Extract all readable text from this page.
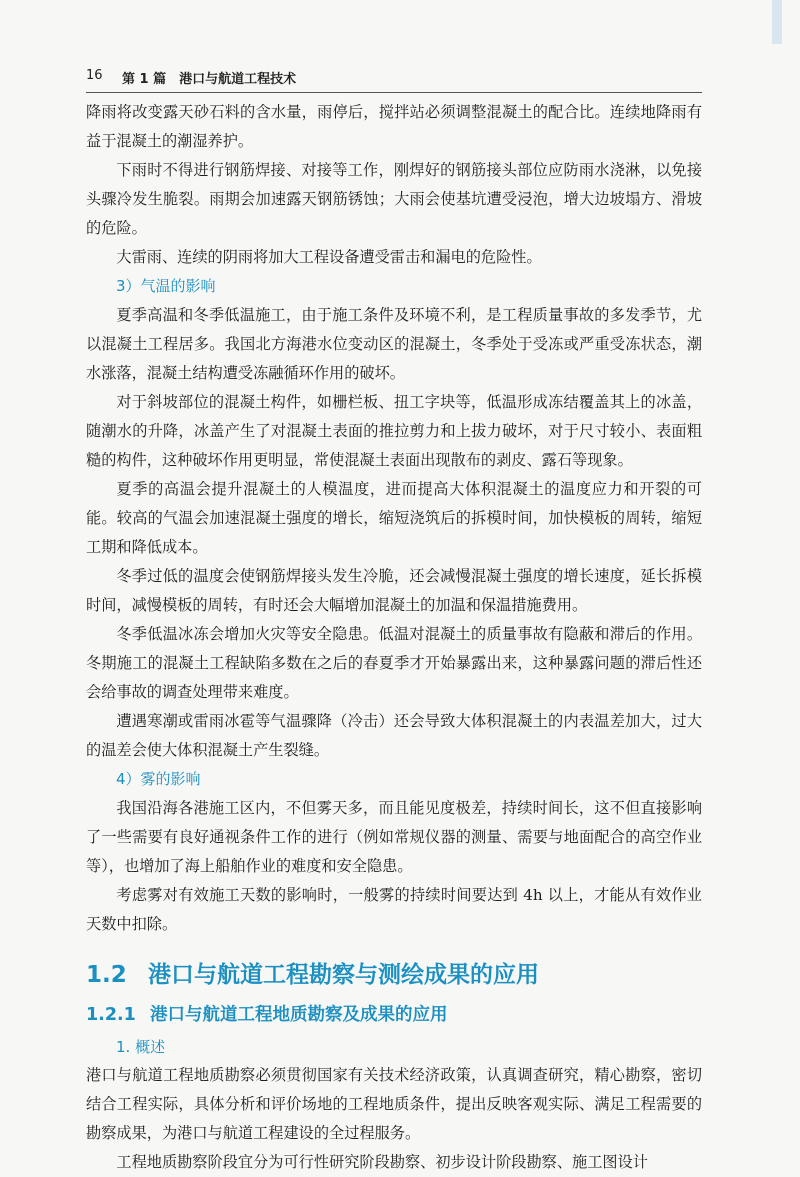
16 第 1 篇　港口与航道工程技术

降雨将改变露天砂石料的含水量，雨停后，搅拌站必须调整混凝土的配合比。连续地降雨有益于混凝土的潮湿养护。

下雨时不得进行钢筋焊接、对接等工作，刚焊好的钢筋接头部位应防雨水浇淋，以免接头骤冷发生脆裂。雨期会加速露天钢筋锈蚀；大雨会使基坑遭受浸泡，增大边坡塌方、滑坡的危险。

大雷雨、连续的阴雨将加大工程设备遭受雷击和漏电的危险性。

3）气温的影响

夏季高温和冬季低温施工，由于施工条件及环境不利，是工程质量事故的多发季节，尤以混凝土工程居多。我国北方海港水位变动区的混凝土，冬季处于受冻或严重受冻状态，潮水涨落，混凝土结构遭受冻融循环作用的破坏。

对于斜坡部位的混凝土构件，如栅栏板、扭工字块等，低温形成冻结覆盖其上的冰盖，随潮水的升降，冰盖产生了对混凝土表面的推拉剪力和上拔力破坏，对于尺寸较小、表面粗糙的构件，这种破坏作用更明显，常使混凝土表面出现散布的剥皮、露石等现象。

夏季的高温会提升混凝土的人模温度，进而提高大体积混凝土的温度应力和开裂的可能。较高的气温会加速混凝土强度的增长，缩短浇筑后的拆模时间，加快模板的周转，缩短工期和降低成本。

冬季过低的温度会使钢筋焊接头发生冷脆，还会减慢混凝土强度的增长速度，延长拆模时间，减慢模板的周转，有时还会大幅增加混凝土的加温和保温措施费用。

冬季低温冰冻会增加火灾等安全隐患。低温对混凝土的质量事故有隐蔽和滞后的作用。冬期施工的混凝土工程缺陷多数在之后的春夏季才开始暴露出来，这种暴露问题的滞后性还会给事故的调查处理带来难度。

遭遇寒潮或雷雨冰雹等气温骤降（冷击）还会导致大体积混凝土的内表温差加大，过大的温差会使大体积混凝土产生裂缝。

4）雾的影响

我国沿海各港施工区内，不但雾天多，而且能见度极差，持续时间长，这不但直接影响了一些需要有良好通视条件工作的进行（例如常规仪器的测量、需要与地面配合的高空作业等），也增加了海上船舶作业的难度和安全隐患。

考虑雾对有效施工天数的影响时，一般雾的持续时间要达到 4h 以上，才能从有效作业天数中扣除。

1.2 港口与航道工程勘察与测绘成果的应用
1.2.1 港口与航道工程地质勘察及成果的应用

1. 概述

港口与航道工程地质勘察必须贯彻国家有关技术经济政策，认真调查研究，精心勘察，密切结合工程实际，具体分析和评价场地的工程地质条件，提出反映客观实际、满足工程需要的勘察成果，为港口与航道工程建设的全过程服务。

工程地质勘察阶段宜分为可行性研究阶段勘察、初步设计阶段勘察、施工图设计
